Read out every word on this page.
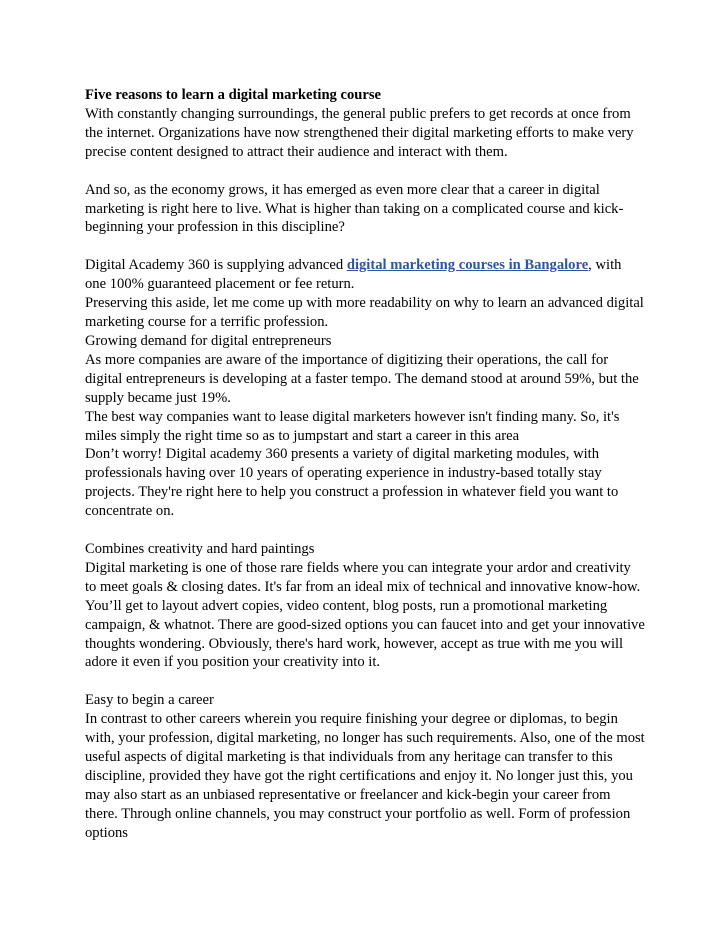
Five reasons to learn a digital marketing course

With constantly changing surroundings, the general public prefers to get records at once from the internet. Organizations have now strengthened their digital marketing efforts to make very precise content designed to attract their audience and interact with them.

And so, as the economy grows, it has emerged as even more clear that a career in digital marketing is right here to live. What is higher than taking on a complicated course and kick-beginning your profession in this discipline?

Digital Academy 360 is supplying advanced digital marketing courses in Bangalore, with one 100% guaranteed placement or fee return.

Preserving this aside, let me come up with more readability on why to learn an advanced digital marketing course for a terrific profession.

Growing demand for digital entrepreneurs

As more companies are aware of the importance of digitizing their operations, the call for digital entrepreneurs is developing at a faster tempo. The demand stood at around 59%, but the supply became just 19%.

The best way companies want to lease digital marketers however isn't finding many. So, it's miles simply the right time so as to jumpstart and start a career in this area

Don’t worry! Digital academy 360 presents a variety of digital marketing modules, with professionals having over 10 years of operating experience in industry-based totally stay projects. They're right here to help you construct a profession in whatever field you want to concentrate on.

Combines creativity and hard paintings

Digital marketing is one of those rare fields where you can integrate your ardor and creativity to meet goals & closing dates. It's far from an ideal mix of technical and innovative know-how.

You’ll get to layout advert copies, video content, blog posts, run a promotional marketing campaign, & whatnot. There are good-sized options you can faucet into and get your innovative thoughts wondering. Obviously, there's hard work, however, accept as true with me you will adore it even if you position your creativity into it.

Easy to begin a career

In contrast to other careers wherein you require finishing your degree or diplomas, to begin with, your profession, digital marketing, no longer has such requirements. Also, one of the most useful aspects of digital marketing is that individuals from any heritage can transfer to this discipline, provided they have got the right certifications and enjoy it. No longer just this, you may also start as an unbiased representative or freelancer and kick-begin your career from there. Through online channels, you may construct your portfolio as well. Form of profession options
